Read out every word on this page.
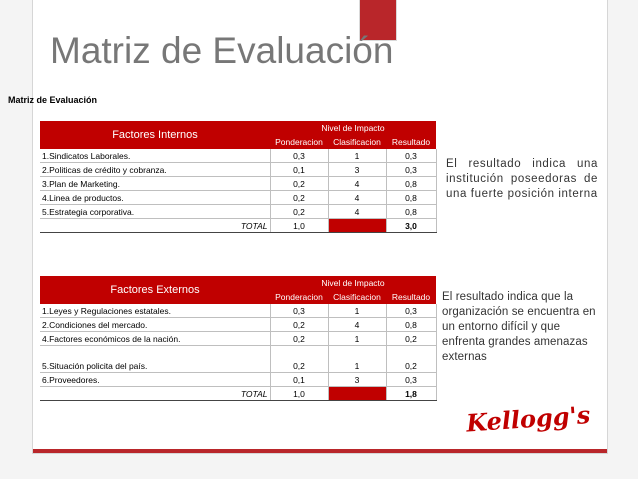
Matriz de Evaluación
Matriz de Evaluación
Factores Internos	Nivel de Impacto		
	Ponderacion	Clasificacion	Resultado
1.Sindicatos Laborales.	0,3	1	0,3
2.Politicas de crédito y cobranza.	0,1	3	0,3
3.Plan de Marketing.	0,2	4	0,8
4.Linea de productos.	0,2	4	0,8
5.Estrategia corporativa.	0,2	4	0,8
TOTAL	1,0		3,0
Factores Externos	Nivel de Impacto		
	Ponderacion	Clasificacion	Resultado
1.Leyes y Regulaciones estatales.	0,3	1	0,3
2.Condiciones del mercado.	0,2	4	0,8
4.Factores económicos de la nación.	0,2	1	0,2

5.Situación policita del país.	0,2	1	0,2
6.Proveedores.	0,1	3	0,3
TOTAL	1,0		1,8
El resultado indica una institución poseedoras de una fuerte posición interna
El resultado indica que la organización se encuentra en un entorno difícil y que enfrenta grandes amenazas externas
Kellogg's
